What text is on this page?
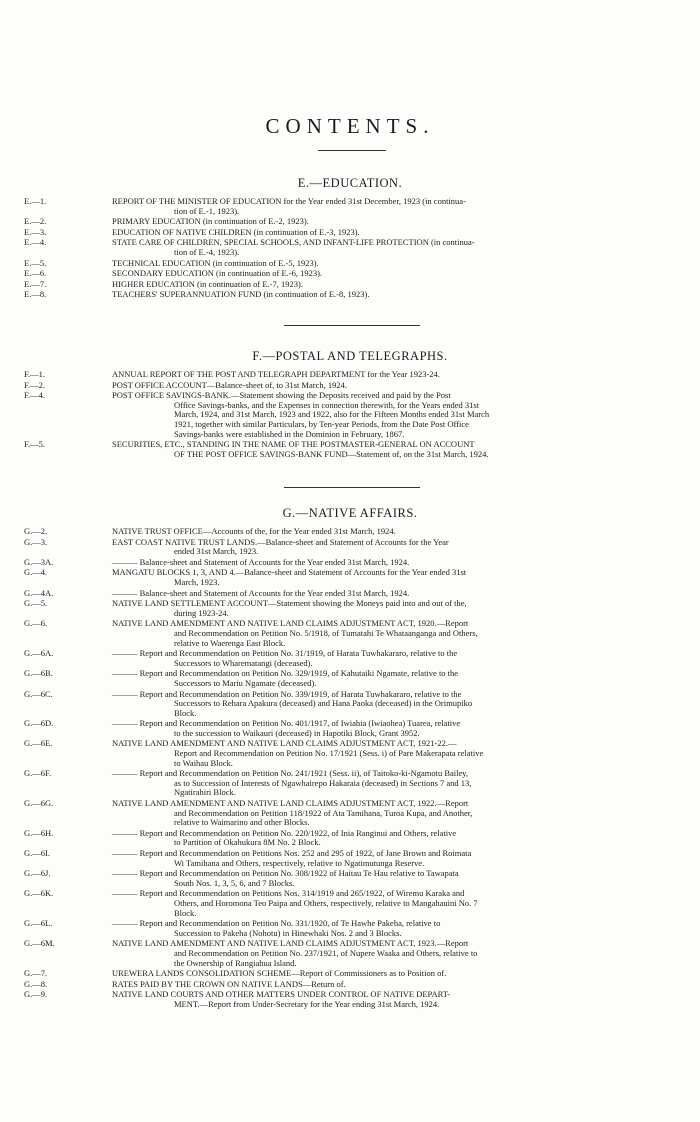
CONTENTS.
E.—EDUCATION.
E.—1.	REPORT OF THE MINISTER OF EDUCATION for the Year ended 31st December, 1923 (in continua-
tion of E.-1, 1923).
E.—2.	PRIMARY EDUCATION (in continuation of E.-2, 1923).
E.—3.	EDUCATION OF NATIVE CHILDREN (in continuation of E.-3, 1923).
E.—4.	STATE CARE OF CHILDREN, SPECIAL SCHOOLS, AND INFANT-LIFE PROTECTION (in continua-
tion of E.-4, 1923).
E.—5.	TECHNICAL EDUCATION (in continuation of E.-5, 1923).
E.—6.	SECONDARY EDUCATION (in continuation of E.-6, 1923).
E.—7.	HIGHER EDUCATION (in continuation of E.-7, 1923).
E.—8.	TEACHERS' SUPERANNUATION FUND (in continuation of E.-8, 1923).
F.—POSTAL AND TELEGRAPHS.
F.—1.	ANNUAL REPORT OF THE POST AND TELEGRAPH DEPARTMENT for the Year 1923-24.
F.—2.	POST OFFICE ACCOUNT—Balance-sheet of, to 31st March, 1924.
F.—4.	POST OFFICE SAVINGS-BANK.—Statement showing the Deposits received and paid by the Post
Office Savings-banks, and the Expenses in connection therewith, for the Years ended 31st
March, 1924, and 31st March, 1923 and 1922, also for the Fifteen Months ended 31st March
1921, together with similar Particulars, by Ten-year Periods, from the Date Post Office
Savings-banks were established in the Dominion in February, 1867.
F.—5.	SECURITIES, ETC., STANDING IN THE NAME OF THE POSTMASTER-GENERAL ON ACCOUNT
OF THE POST OFFICE SAVINGS-BANK FUND—Statement of, on the 31st March, 1924.
G.—NATIVE AFFAIRS.
G.—2.	NATIVE TRUST OFFICE—Accounts of the, for the Year ended 31st March, 1924.
G.—3.	EAST COAST NATIVE TRUST LANDS.—Balance-sheet and Statement of Accounts for the Year
ended 31st March, 1923.
G.—3A.	——— Balance-sheet and Statement of Accounts for the Year ended 31st March, 1924.
G.—4.	MANGATU BLOCKS 1, 3, AND 4.—Balance-sheet and Statement of Accounts for the Year ended 31st
March, 1923.
G.—4A.	——— Balance-sheet and Statement of Accounts for the Year ended 31st March, 1924.
G.—5.	NATIVE LAND SETTLEMENT ACCOUNT—Statement showing the Moneys paid into and out of the,
during 1923-24.
G.—6.	NATIVE LAND AMENDMENT AND NATIVE LAND CLAIMS ADJUSTMENT ACT, 1920.—Report
and Recommendation on Petition No. 5/1918, of Tumatahi Te Whataanganga and Others,
relative to Waerenga East Block.
G.—6A.	——— Report and Recommendation on Petition No. 31/1919, of Harata Tuwhakararo, relative to the
Successors to Wharematangi (deceased).
G.—6B.	——— Report and Recommendation on Petition No. 329/1919, of Kahutaiki Ngamate, relative to the
Successors to Mariu Ngamate (deceased).
G.—6C.	——— Report and Recommendation on Petition No. 339/1919, of Harata Tuwhakararo, relative to the
Successors to Rehara Apakura (deceased) and Hana Paoka (deceased) in the Orimupiko
Block.
G.—6D.	——— Report and Recommendation on Petition No. 401/1917, of Iwiahia (Iwiaohea) Tuarea, relative
to the succession to Waikauri (deceased) in Hapotiki Block, Grant 3952.
G.—6E.	NATIVE LAND AMENDMENT AND NATIVE LAND CLAIMS ADJUSTMENT ACT, 1921-22.—
Report and Recommendation on Petition No. 17/1921 (Sess. i) of Pare Makerapata relative
to Waihau Block.
G.—6F.	——— Report and Recommendation on Petition No. 241/1921 (Sess. ii), of Taitoko-ki-Ngamotu Bailey,
as to Succession of Interests of Ngawhairepo Hakaraia (deceased) in Sections 7 and 13,
Ngatirahiri Block.
G.—6G.	NATIVE LAND AMENDMENT AND NATIVE LAND CLAIMS ADJUSTMENT ACT, 1922.—Report
and Recommendation on Petition 118/1922 of Ata Tamihana, Turoa Kupa, and Another,
relative to Waimarino and other Blocks.
G.—6H.	——— Report and Recommendation on Petition No. 220/1922, of Inia Ranginui and Others, relative
to Partition of Okahukura 8M No. 2 Block.
G.—6I.	——— Report and Recommendation on Petitions Nos. 252 and 295 of 1922, of Jane Brown and Roimata
Wi Tamihana and Others, respectively, relative to Ngatimutunga Reserve.
G.—6J.	——— Report and Recommendation on Petition No. 308/1922 of Haitau Te Hau relative to Tawapata
South Nos. 1, 3, 5, 6, and 7 Blocks.
G.—6K.	——— Report and Recommendation on Petitions Nos. 314/1919 and 265/1922, of Wiremu Karaka and
Others, and Horomona Teo Paipa and Others, respectively, relative to Mangahauini No. 7
Block.
G.—6L.	——— Report and Recommendation on Petition No. 331/1920, of Te Hawhe Pakeha, relative to
Succession to Pakeha (Nohotu) in Hinewhaki Nos. 2 and 3 Blocks.
G.—6M.	NATIVE LAND AMENDMENT AND NATIVE LAND CLAIMS ADJUSTMENT ACT, 1923.—Report
and Recommendation on Petition No. 237/1921, of Nupere Waaka and Others, relative to
the Ownership of Rangiahua Island.
G.—7.	UREWERA LANDS CONSOLIDATION SCHEME—Report of Commissioners as to Position of.
G.—8.	RATES PAID BY THE CROWN ON NATIVE LANDS—Return of.
G.—9.	NATIVE LAND COURTS AND OTHER MATTERS UNDER CONTROL OF NATIVE DEPART-
MENT.—Report from Under-Secretary for the Year ending 31st March, 1924.
